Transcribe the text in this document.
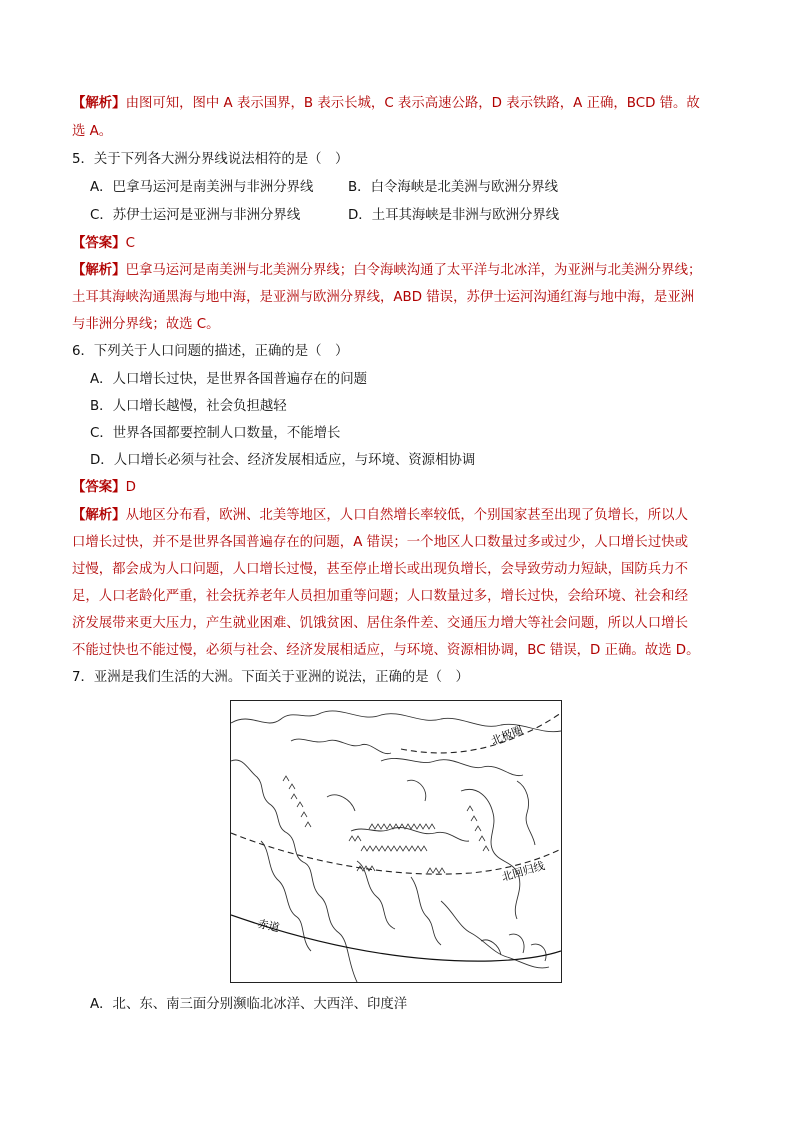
【解析】由图可知，图中 A 表示国界，B 表示长城，C 表示高速公路，D 表示铁路，A 正确，BCD 错。故
选 A。
5．关于下列各大洲分界线说法相符的是（　）
A．巴拿马运河是南美洲与非洲分界线	B．白令海峡是北美洲与欧洲分界线
C．苏伊士运河是亚洲与非洲分界线	D．土耳其海峡是非洲与欧洲分界线
【答案】C
【解析】巴拿马运河是南美洲与北美洲分界线；白令海峡沟通了太平洋与北冰洋，为亚洲与北美洲分界线；
土耳其海峡沟通黑海与地中海，是亚洲与欧洲分界线，ABD 错误，苏伊士运河沟通红海与地中海，是亚洲
与非洲分界线；故选 C。
6．下列关于人口问题的描述，正确的是（　）
A．人口增长过快，是世界各国普遍存在的问题
B．人口增长越慢，社会负担越轻
C．世界各国都要控制人口数量，不能增长
D．人口增长必须与社会、经济发展相适应，与环境、资源相协调
【答案】D
【解析】从地区分布看，欧洲、北美等地区，人口自然增长率较低，个别国家甚至出现了负增长，所以人
口增长过快，并不是世界各国普遍存在的问题，A 错误；一个地区人口数量过多或过少，人口增长过快或
过慢，都会成为人口问题，人口增长过慢，甚至停止增长或出现负增长，会导致劳动力短缺，国防兵力不
足，人口老龄化严重，社会抚养老年人员担加重等问题；人口数量过多，增长过快，会给环境、社会和经
济发展带来更大压力，产生就业困难、饥饿贫困、居住条件差、交通压力增大等社会问题，所以人口增长
不能过快也不能过慢，必须与社会、经济发展相适应，与环境、资源相协调，BC 错误，D 正确。故选 D。
7．亚洲是我们生活的大洲。下面关于亚洲的说法，正确的是（　）
北极圈
北回归线
赤道
A．北、东、南三面分别濒临北冰洋、大西洋、印度洋
